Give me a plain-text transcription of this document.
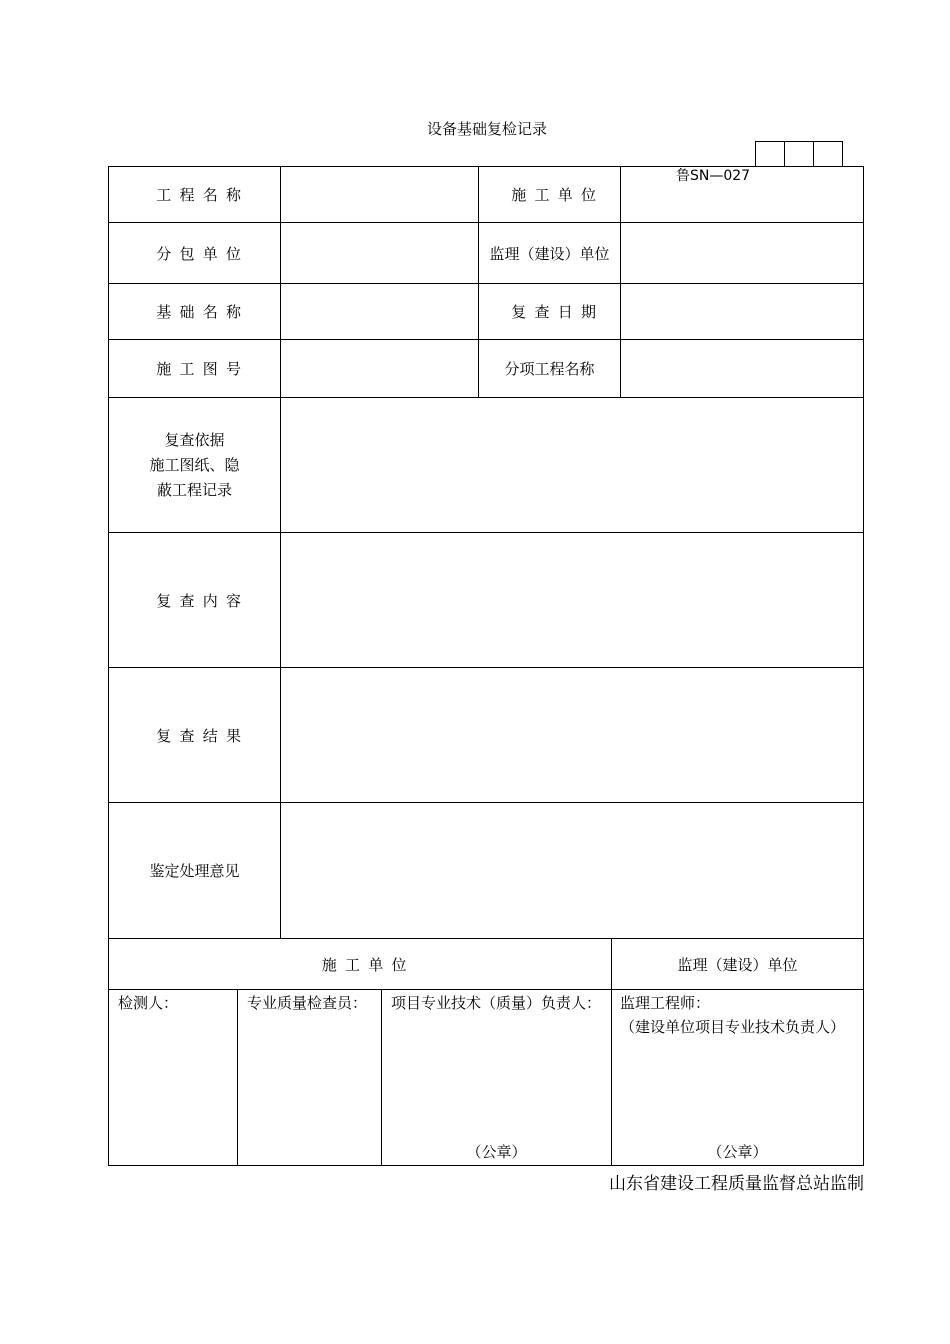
设备基础复检记录
鲁SN—027
工程名称	施工单位
分包单位	监理（建设）单位
基础名称	复查日期
施工图号	分项工程名称
复查依据
施工图纸、隐
蔽工程记录
复查内容
复查结果
鉴定处理意见
施工单位	监理（建设）单位
检测人：	专业质量检查员： 项目专业技术（质量）负责人： 监理工程师：
（建设单位项目专业技术负责人）
（公章）	（公章）
山东省建设工程质量监督总站监制
